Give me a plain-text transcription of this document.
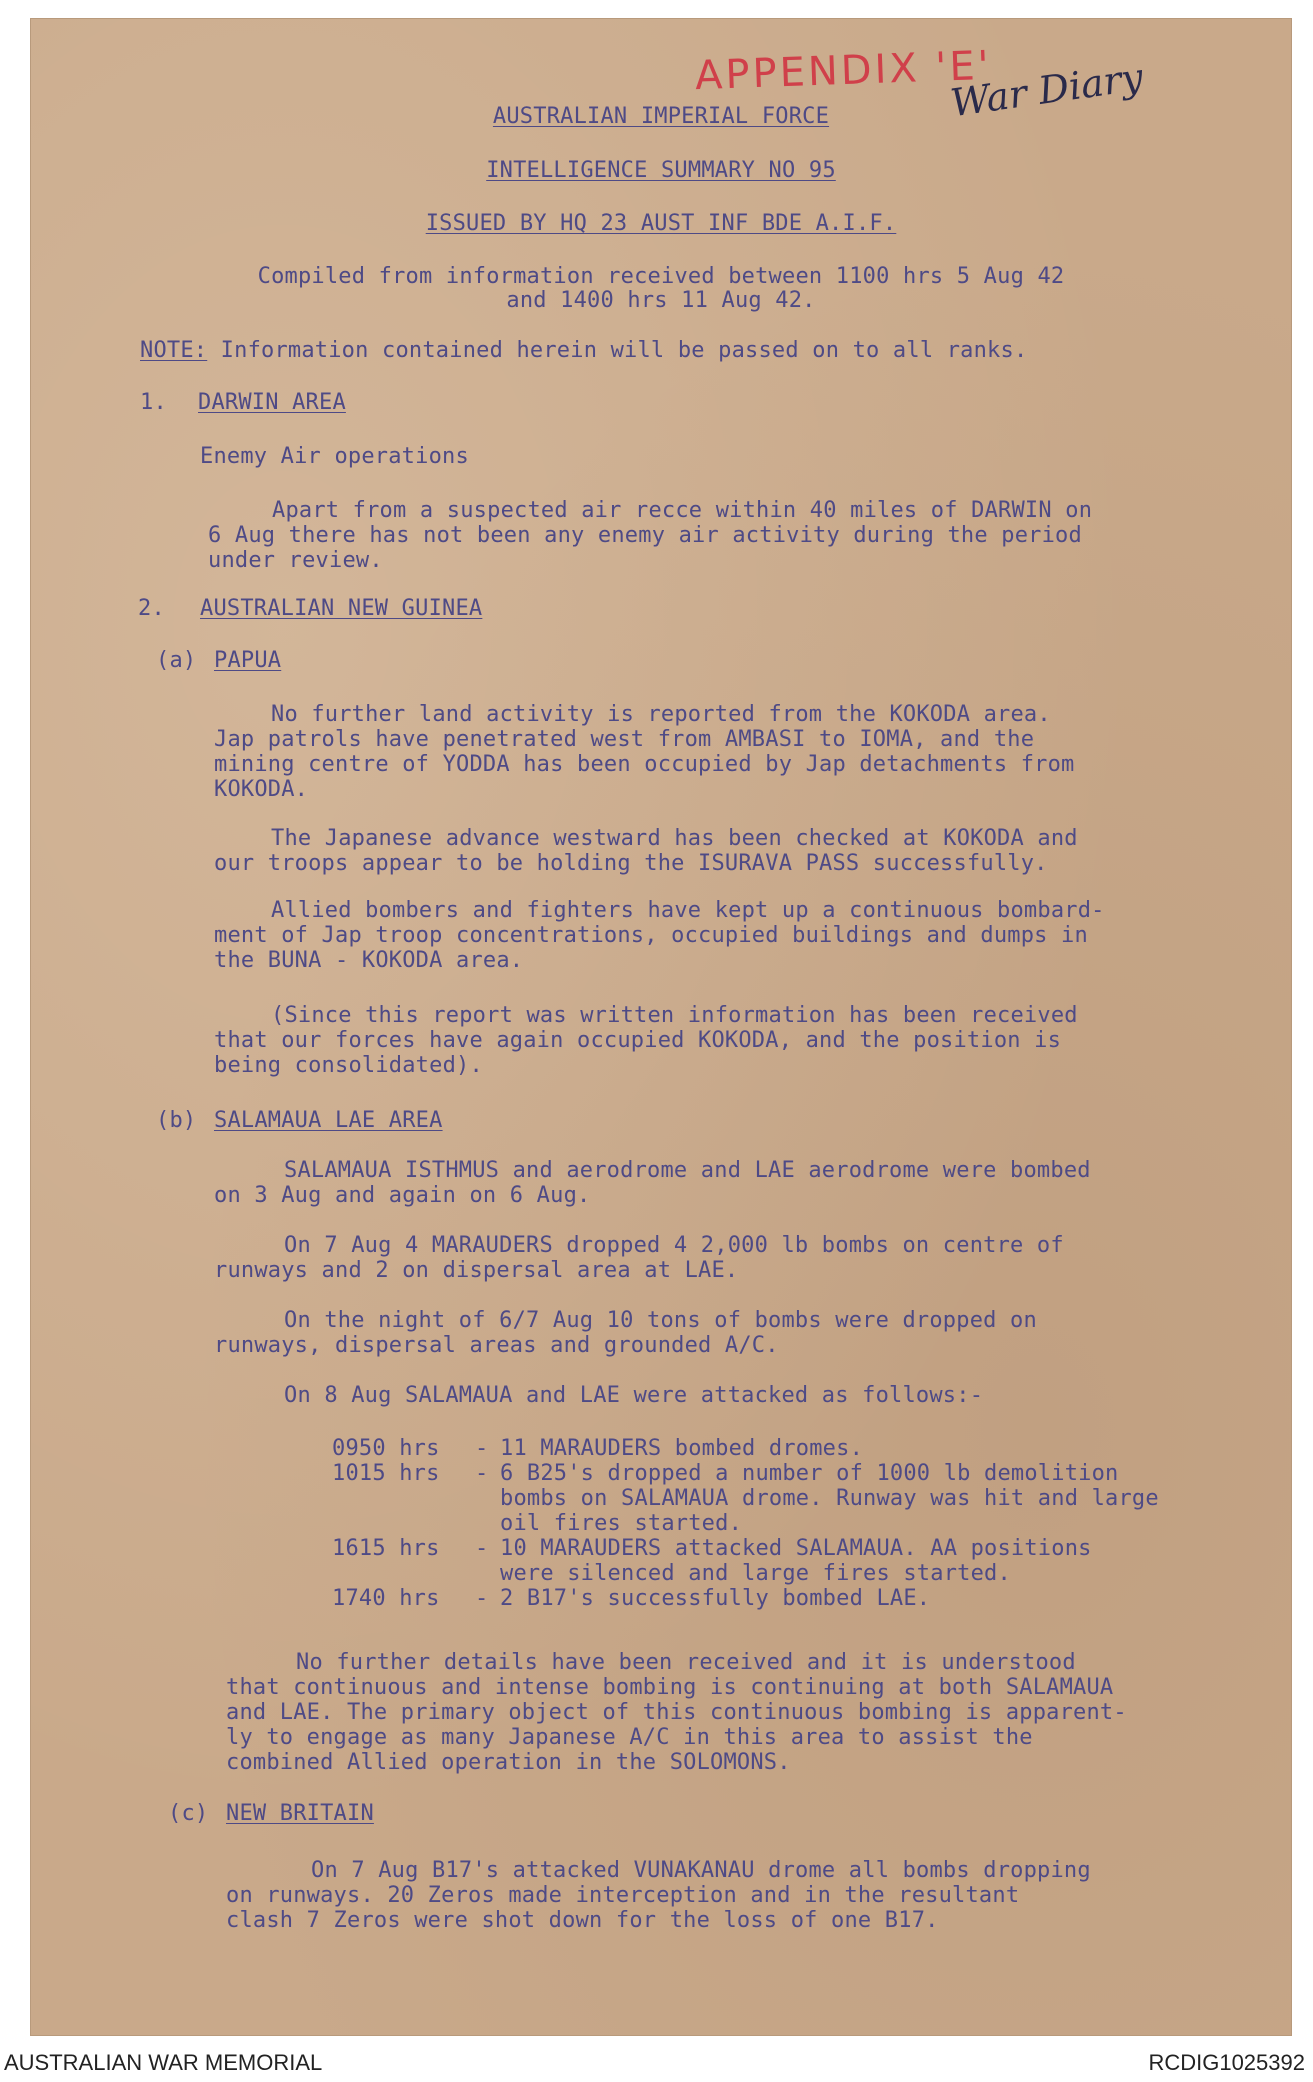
APPENDIX 'E'
War Diary
AUSTRALIAN IMPERIAL FORCE
INTELLIGENCE SUMMARY NO 95
ISSUED BY HQ 23 AUST INF BDE A.I.F.
Compiled from information received between 1100 hrs 5 Aug 42
and 1400 hrs 11 Aug 42.
NOTE: Information contained herein will be passed on to all ranks.
1. DARWIN AREA
Enemy Air operations
Apart from a suspected air recce within 40 miles of DARWIN on
6 Aug there has not been any enemy air activity during the period
under review.
2. AUSTRALIAN NEW GUINEA
(a) PAPUA
No further land activity is reported from the KOKODA area.
Jap patrols have penetrated west from AMBASI to IOMA, and the
mining centre of YODDA has been occupied by Jap detachments from
KOKODA.
The Japanese advance westward has been checked at KOKODA and
our troops appear to be holding the ISURAVA PASS successfully.
Allied bombers and fighters have kept up a continuous bombard-
ment of Jap troop concentrations, occupied buildings and dumps in
the BUNA - KOKODA area.
(Since this report was written information has been received
that our forces have again occupied KOKODA, and the position is
being consolidated).
(b) SALAMAUA LAE AREA
SALAMAUA ISTHMUS and aerodrome and LAE aerodrome were bombed
on 3 Aug and again on 6 Aug.
On 7 Aug 4 MARAUDERS dropped 4 2,000 lb bombs on centre of
runways and 2 on dispersal area at LAE.
On the night of 6/7 Aug 10 tons of bombs were dropped on
runways, dispersal areas and grounded A/C.
On 8 Aug SALAMAUA and LAE were attacked as follows:-
0950 hrs - 11 MARAUDERS bombed dromes.
1015 hrs - 6 B25's dropped a number of 1000 lb demolition
bombs on SALAMAUA drome. Runway was hit and large
oil fires started.
1615 hrs - 10 MARAUDERS attacked SALAMAUA. AA positions
were silenced and large fires started.
1740 hrs - 2 B17's successfully bombed LAE.
No further details have been received and it is understood
that continuous and intense bombing is continuing at both SALAMAUA
and LAE. The primary object of this continuous bombing is apparent-
ly to engage as many Japanese A/C in this area to assist the
combined Allied operation in the SOLOMONS.
(c) NEW BRITAIN
On 7 Aug B17's attacked VUNAKANAU drome all bombs dropping
on runways. 20 Zeros made interception and in the resultant
clash 7 Zeros were shot down for the loss of one B17.
AUSTRALIAN WAR MEMORIAL	RCDIG1025392
